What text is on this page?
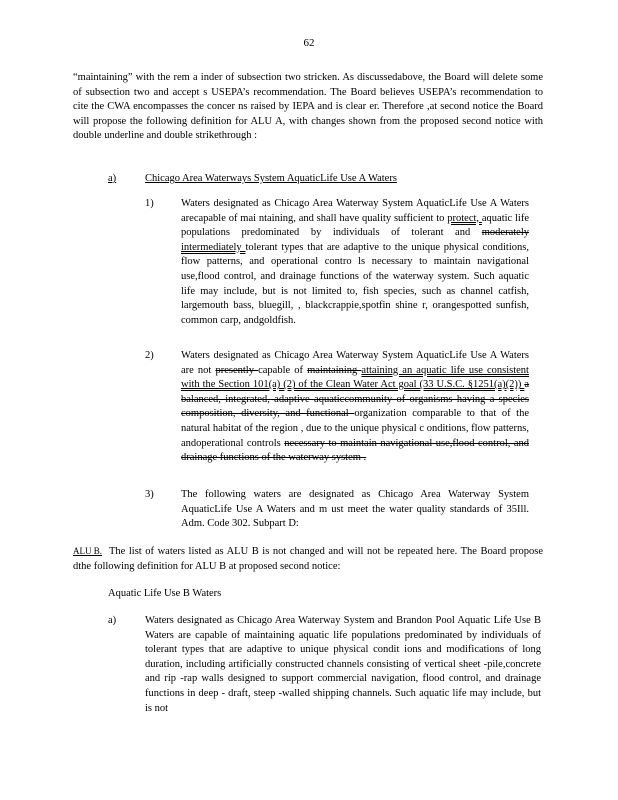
62
“maintaining” with the rem a inder of subsection two stricken. As discussedabove, the Board will delete some of subsection two and accept s USEPA’s recommendation. The Board believes USEPA’s recommendation to cite the CWA encompasses the concer ns raised by IEPA and is clear er. Therefore ,at second notice the Board will propose the following definition for ALU A, with changes shown from the proposed second notice with double underline and double strikethrough :
a)	Chicago Area Waterways System AquaticLife Use A Waters
1)	Waters designated as Chicago Area Waterway System AquaticLife Use A Waters arecapable of mai ntaining, and shall have quality sufficient to protect, aquatic life populations predominated by individuals of tolerant and moderately intermediately tolerant types that are adaptive to the unique physical conditions, flow patterns, and operational contro ls necessary to maintain navigational use,flood control, and drainage functions of the waterway system. Such aquatic life may include, but is not limited to, fish species, such as channel catfish, largemouth bass, bluegill, , blackcrappie,spotfin shine r, orangespotted sunfish, common carp, andgoldfish.
2)	Waters designated as Chicago Area Waterway System AquaticLife Use A Waters are not presently capable of maintaining attaining an aquatic life use consistent with the Section 101(a) (2) of the Clean Water Act goal (33 U.S.C. §1251(a)(2)) a balanced, integrated, adaptive aquaticcommunity of organisms having a species composition, diversity, and functional organization comparable to that of the natural habitat of the region , due to the unique physical c onditions, flow patterns, andoperational controls necessary to maintain navigational use,flood control, and drainage functions of the waterway system .
3)	The following waters are designated as Chicago Area Waterway System AquaticLife Use A Waters and m ust meet the water quality standards of 35Ill. Adm. Code 302. Subpart D:
ALU B. The list of waters listed as ALU B is not changed and will not be repeated here. The Board propose dthe following definition for ALU B at proposed second notice:
Aquatic Life Use B Waters
a)	Waters designated as Chicago Area Waterway System and Brandon Pool Aquatic Life Use B Waters are capable of maintaining aquatic life populations predominated by individuals of tolerant types that are adaptive to unique physical condit ions and modifications of long duration, including artificially constructed channels consisting of vertical sheet -pile,concrete and rip -rap walls designed to support commercial navigation, flood control, and drainage functions in deep - draft, steep -walled shipping channels. Such aquatic life may include, but is not
